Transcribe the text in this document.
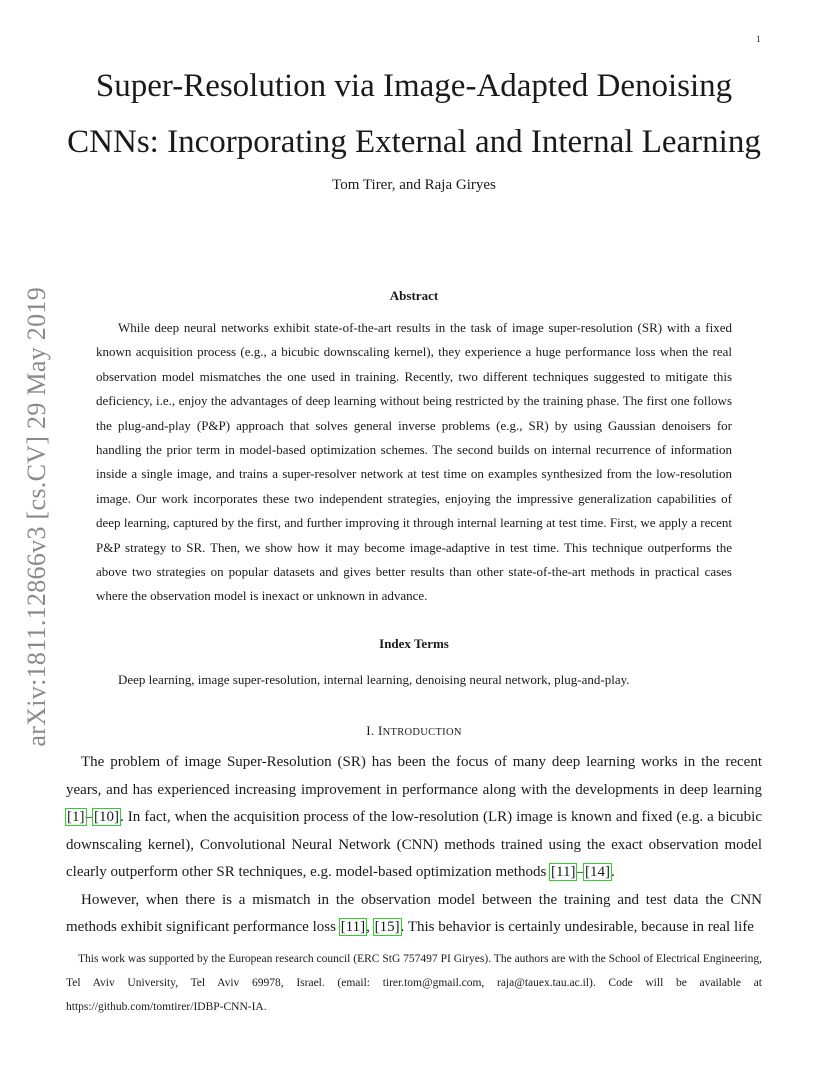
1
arXiv:1811.12866v3 [cs.CV] 29 May 2019
Super-Resolution via Image-Adapted Denoising
CNNs: Incorporating External and Internal Learning
Tom Tirer, and Raja Giryes
Abstract
While deep neural networks exhibit state-of-the-art results in the task of image super-resolution (SR) with a fixed known acquisition process (e.g., a bicubic downscaling kernel), they experience a huge performance loss when the real observation model mismatches the one used in training. Recently, two different techniques suggested to mitigate this deficiency, i.e., enjoy the advantages of deep learning without being restricted by the training phase. The first one follows the plug-and-play (P&P) approach that solves general inverse problems (e.g., SR) by using Gaussian denoisers for handling the prior term in model-based optimization schemes. The second builds on internal recurrence of information inside a single image, and trains a super-resolver network at test time on examples synthesized from the low-resolution image. Our work incorporates these two independent strategies, enjoying the impressive generalization capabilities of deep learning, captured by the first, and further improving it through internal learning at test time. First, we apply a recent P&P strategy to SR. Then, we show how it may become image-adaptive in test time. This technique outperforms the above two strategies on popular datasets and gives better results than other state-of-the-art methods in practical cases where the observation model is inexact or unknown in advance.
Index Terms
Deep learning, image super-resolution, internal learning, denoising neural network, plug-and-play.
I. INTRODUCTION

The problem of image Super-Resolution (SR) has been the focus of many deep learning works in the recent years, and has experienced increasing improvement in performance along with the developments in deep learning [1]–[10]. In fact, when the acquisition process of the low-resolution (LR) image is known and fixed (e.g. a bicubic downscaling kernel), Convolutional Neural Network (CNN) methods trained using the exact observation model clearly outperform other SR techniques, e.g. model-based optimization methods [11]–[14].

However, when there is a mismatch in the observation model between the training and test data the CNN methods exhibit significant performance loss [11], [15]. This behavior is certainly undesirable, because in real life

This work was supported by the European research council (ERC StG 757497 PI Giryes). The authors are with the School of Electrical Engineering, Tel Aviv University, Tel Aviv 69978, Israel. (email: tirer.tom@gmail.com, raja@tauex.tau.ac.il). Code will be available at https://github.com/tomtirer/IDBP-CNN-IA.
